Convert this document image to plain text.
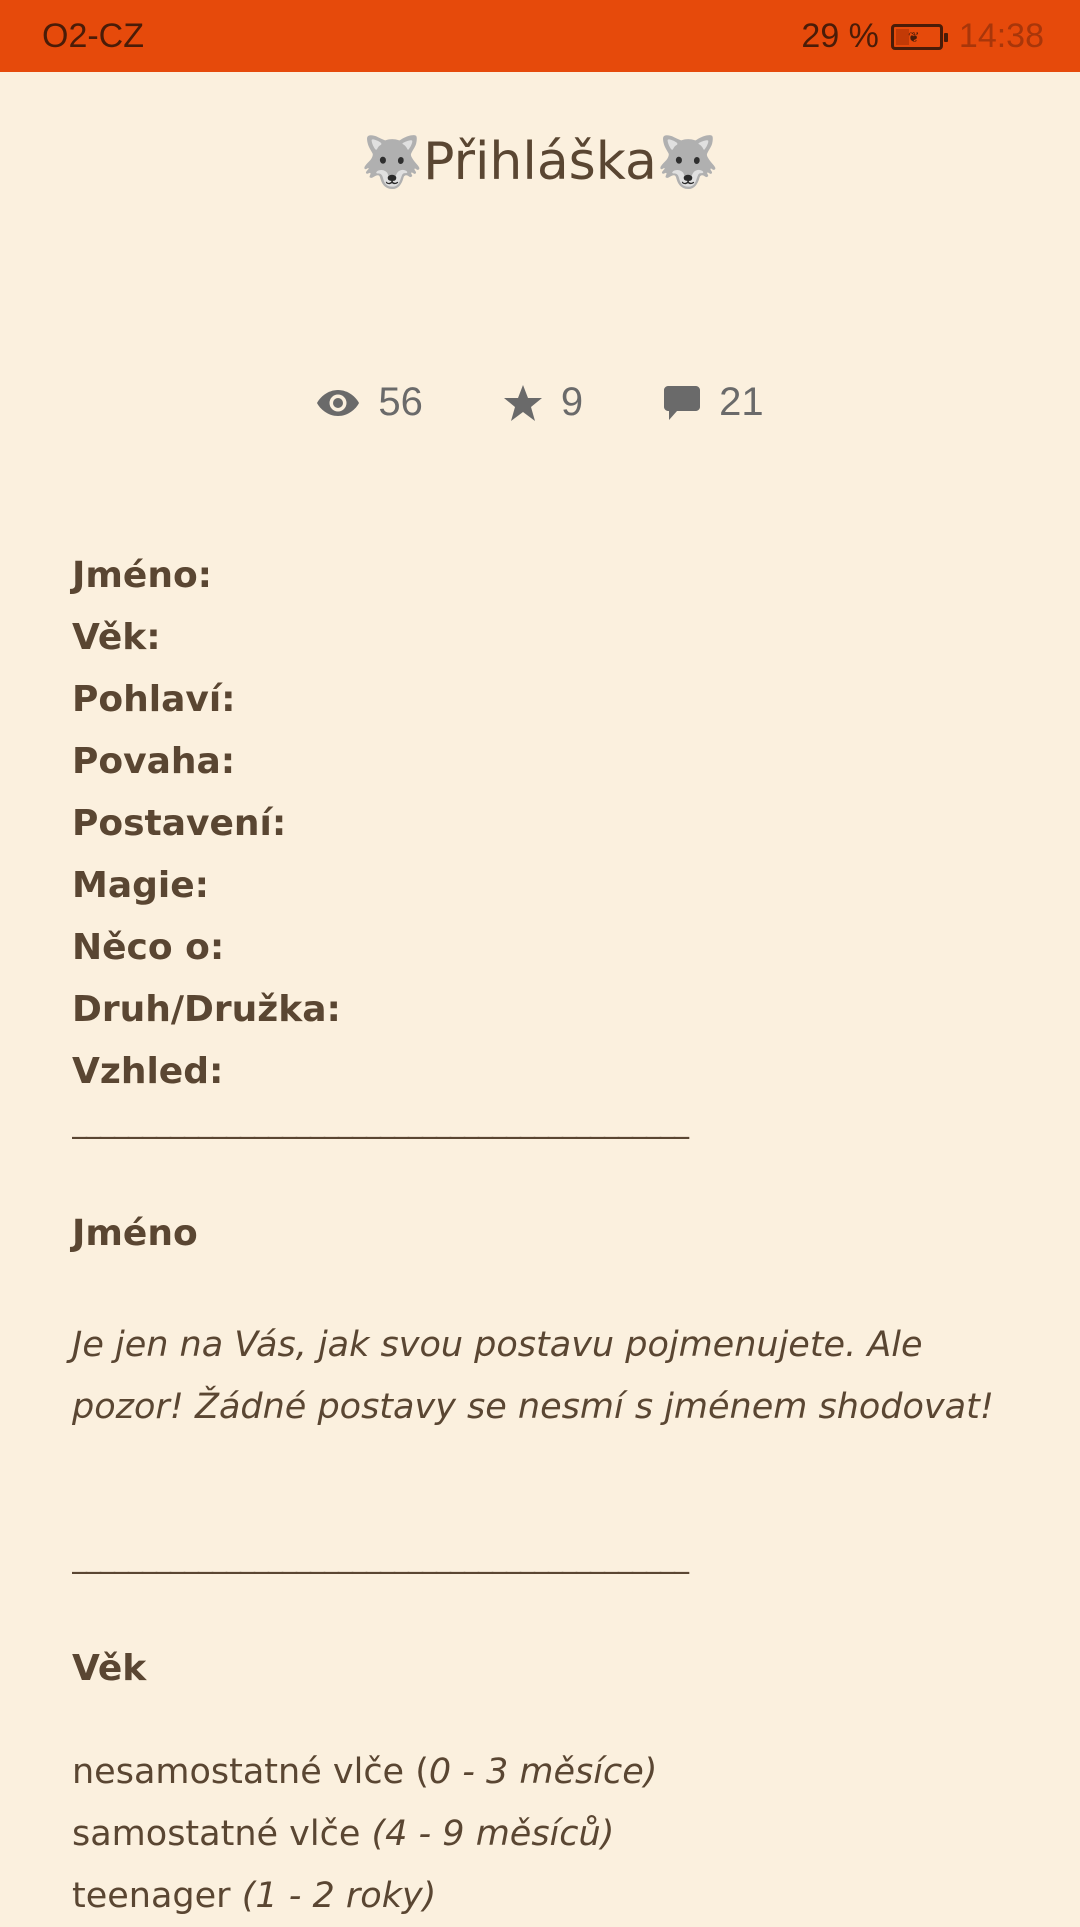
O2-CZ	29 % ❦ 14:38
🐺Přihláška🐺
56	9	21
Jméno:
Věk:
Pohlaví:
Povaha:
Postavení:
Magie:
Něco o:
Druh/Družka:
Vzhled:
____________________________________________
Jméno
Je jen na Vás, jak svou postavu pojmenujete. Ale pozor! Žádné postavy se nesmí s jménem shodovat!
____________________________________________
Věk
nesamostatné vlče (0 - 3 měsíce)
samostatné vlče (4 - 9 měsíců)
teenager (1 - 2 roky)
